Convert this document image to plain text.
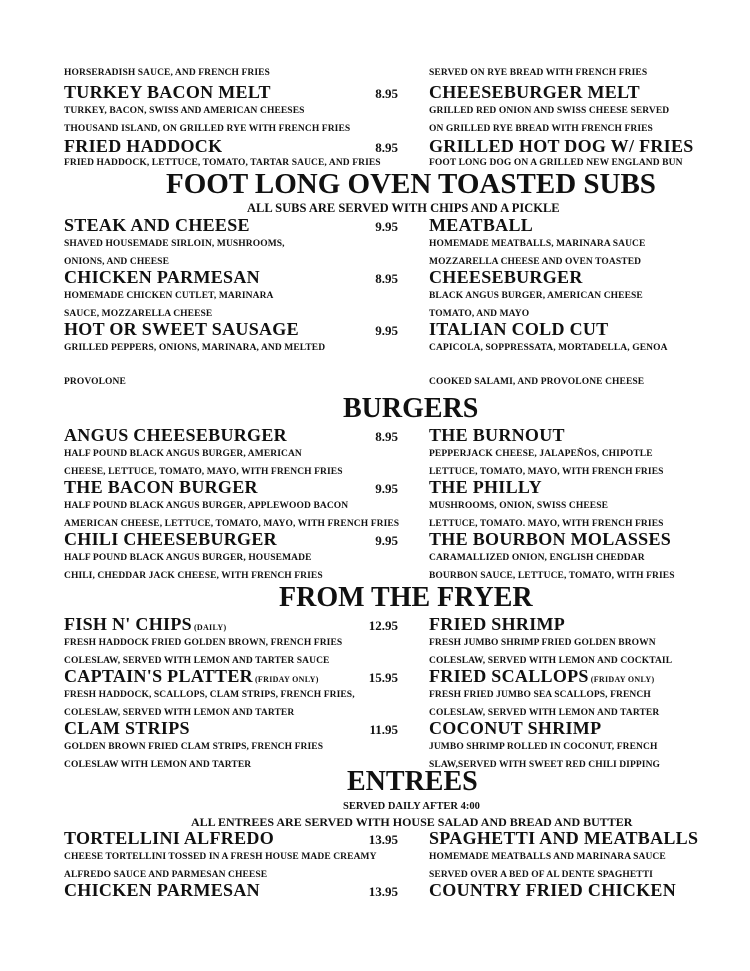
FOOT LONG OVEN TOASTED SUBS
ALL SUBS ARE SERVED WITH CHIPS AND A PICKLE
BURGERS
FROM THE FRYER
ENTREES
SERVED DAILY AFTER 4:00
ALL ENTREES ARE SERVED WITH HOUSE SALAD AND BREAD AND BUTTER
HORSERADISH SAUCE, AND FRENCH FRIES
TURKEY BACON MELT	8.95
TURKEY, BACON, SWISS AND AMERICAN CHEESES
THOUSAND ISLAND, ON GRILLED RYE WITH FRENCH FRIES
FRIED HADDOCK	8.95
FRIED HADDOCK, LETTUCE, TOMATO, TARTAR SAUCE, AND FRIES
SERVED ON RYE BREAD WITH FRENCH FRIES
CHEESEBURGER MELT
GRILLED RED ONION AND SWISS CHEESE SERVED
ON GRILLED RYE BREAD WITH FRENCH FRIES
GRILLED HOT DOG W/ FRIES
FOOT LONG DOG ON A GRILLED NEW ENGLAND BUN
STEAK AND CHEESE	9.95
SHAVED HOUSEMADE SIRLOIN, MUSHROOMS,
ONIONS, AND CHEESE
CHICKEN PARMESAN	8.95
HOMEMADE CHICKEN CUTLET, MARINARA
SAUCE, MOZZARELLA CHEESE
HOT OR SWEET SAUSAGE	9.95
GRILLED PEPPERS, ONIONS, MARINARA, AND MELTED
PROVOLONE
MEATBALL
HOMEMADE MEATBALLS, MARINARA SAUCE
MOZZARELLA CHEESE AND OVEN TOASTED
CHEESEBURGER
BLACK ANGUS BURGER, AMERICAN CHEESE
TOMATO, AND MAYO
ITALIAN COLD CUT
CAPICOLA, SOPPRESSATA, MORTADELLA, GENOA
COOKED SALAMI, AND PROVOLONE CHEESE
ANGUS CHEESEBURGER	8.95
HALF POUND BLACK ANGUS BURGER, AMERICAN
CHEESE, LETTUCE, TOMATO, MAYO, WITH FRENCH FRIES
THE BACON BURGER	9.95
HALF POUND BLACK ANGUS BURGER, APPLEWOOD BACON
AMERICAN CHEESE, LETTUCE, TOMATO, MAYO, WITH FRENCH FRIES
CHILI CHEESEBURGER	9.95
HALF POUND BLACK ANGUS BURGER, HOUSEMADE
CHILI, CHEDDAR JACK CHEESE, WITH FRENCH FRIES
THE BURNOUT
PEPPERJACK CHEESE, JALAPEÑOS, CHIPOTLE
LETTUCE, TOMATO, MAYO, WITH FRENCH FRIES
THE PHILLY
MUSHROOMS, ONION, SWISS CHEESE
LETTUCE, TOMATO. MAYO, WITH FRENCH FRIES
THE BOURBON MOLASSES
CARAMALLIZED ONION, ENGLISH CHEDDAR
BOURBON SAUCE, LETTUCE, TOMATO, WITH FRIES
FISH N' CHIPS (DAILY)	12.95
FRESH HADDOCK FRIED GOLDEN BROWN, FRENCH FRIES
COLESLAW, SERVED WITH LEMON AND TARTER SAUCE
CAPTAIN'S PLATTER (FRIDAY ONLY)	15.95
FRESH HADDOCK, SCALLOPS, CLAM STRIPS, FRENCH FRIES,
COLESLAW, SERVED WITH LEMON AND TARTER
CLAM STRIPS	11.95
GOLDEN BROWN FRIED CLAM STRIPS, FRENCH FRIES
COLESLAW WITH LEMON AND TARTER
FRIED SHRIMP
FRESH JUMBO SHRIMP FRIED GOLDEN BROWN
COLESLAW, SERVED WITH LEMON AND COCKTAIL
FRIED SCALLOPS (FRIDAY ONLY)
FRESH FRIED JUMBO SEA SCALLOPS, FRENCH
COLESLAW, SERVED WITH LEMON AND TARTER
COCONUT SHRIMP
JUMBO SHRIMP ROLLED IN COCONUT, FRENCH
SLAW,SERVED WITH SWEET RED CHILI DIPPING
TORTELLINI ALFREDO	13.95
CHEESE TORTELLINI TOSSED IN A FRESH HOUSE MADE CREAMY
ALFREDO SAUCE AND PARMESAN CHEESE
CHICKEN PARMESAN	13.95
SPAGHETTI AND MEATBALLS
HOMEMADE MEATBALLS AND MARINARA SAUCE
SERVED OVER A BED OF AL DENTE SPAGHETTI
COUNTRY FRIED CHICKEN
